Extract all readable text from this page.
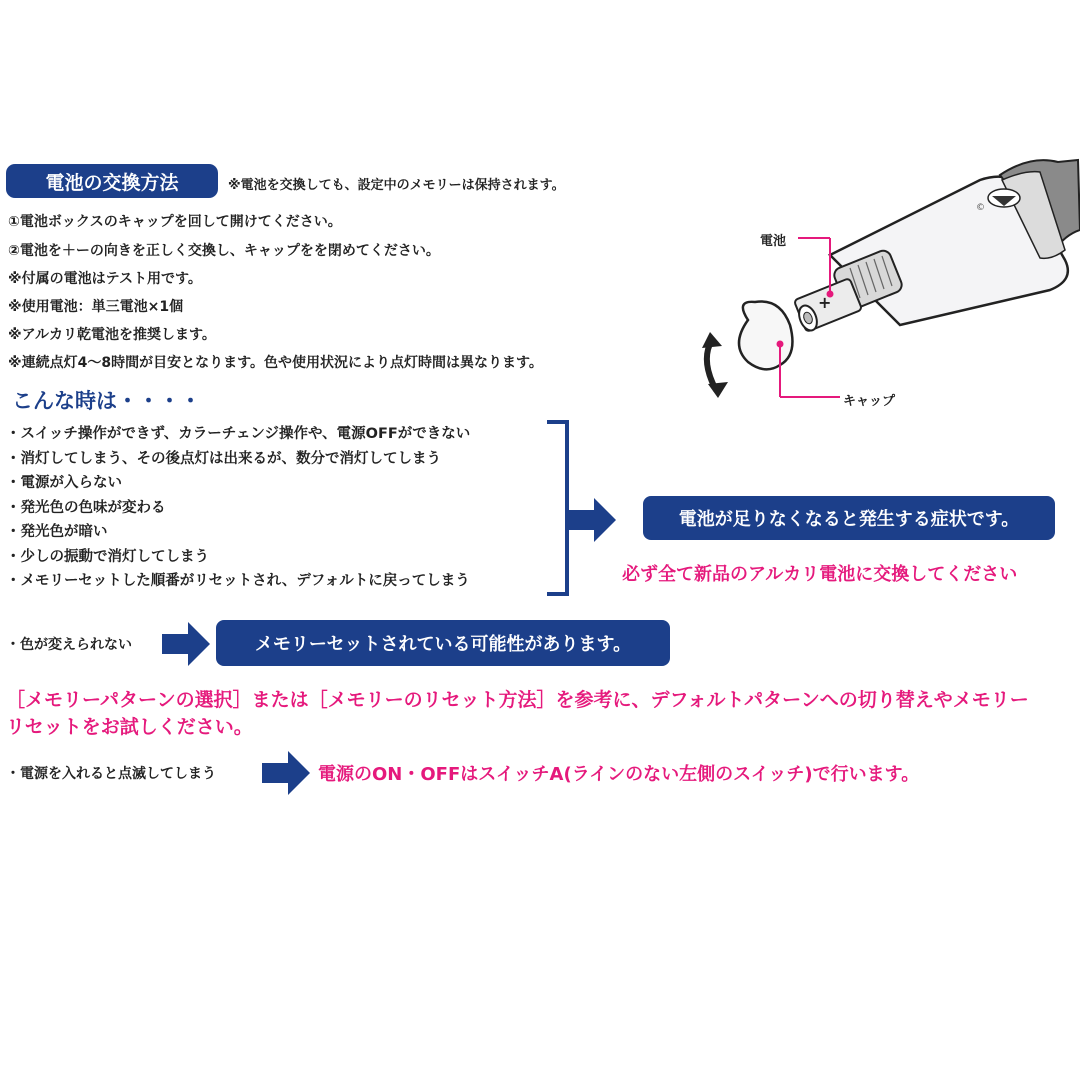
電池の交換方法	※電池を交換しても、設定中のメモリーは保持されます。
①電池ボックスのキャップを回して開けてください。
②電池を＋ーの向きを正しく交換し、キャップをを閉めてください。
※付属の電池はテスト用です。
※使用電池：単三電池×1個
※アルカリ乾電池を推奨します。
※連続点灯4～8時間が目安となります。色や使用状況により点灯時間は異なります。
©
+
電池
キャップ
こんな時は・・・・
・スイッチ操作ができず、カラーチェンジ操作や、電源OFFができない
・消灯してしまう、その後点灯は出来るが、数分で消灯してしまう
・電源が入らない
・発光色の色味が変わる
・発光色が暗い
・少しの振動で消灯してしまう
・メモリーセットした順番がリセットされ、デフォルトに戻ってしまう
電池が足りなくなると発生する症状です。
必ず全て新品のアルカリ電池に交換してください
・色が変えられない	メモリーセットされている可能性があります。
［メモリーパターンの選択］または［メモリーのリセット方法］を参考に、デフォルトパターンへの切り替えやメモリー
リセットをお試しください。
・電源を入れると点滅してしまう	電源のON・OFFはスイッチA(ラインのない左側のスイッチ)で行います。
